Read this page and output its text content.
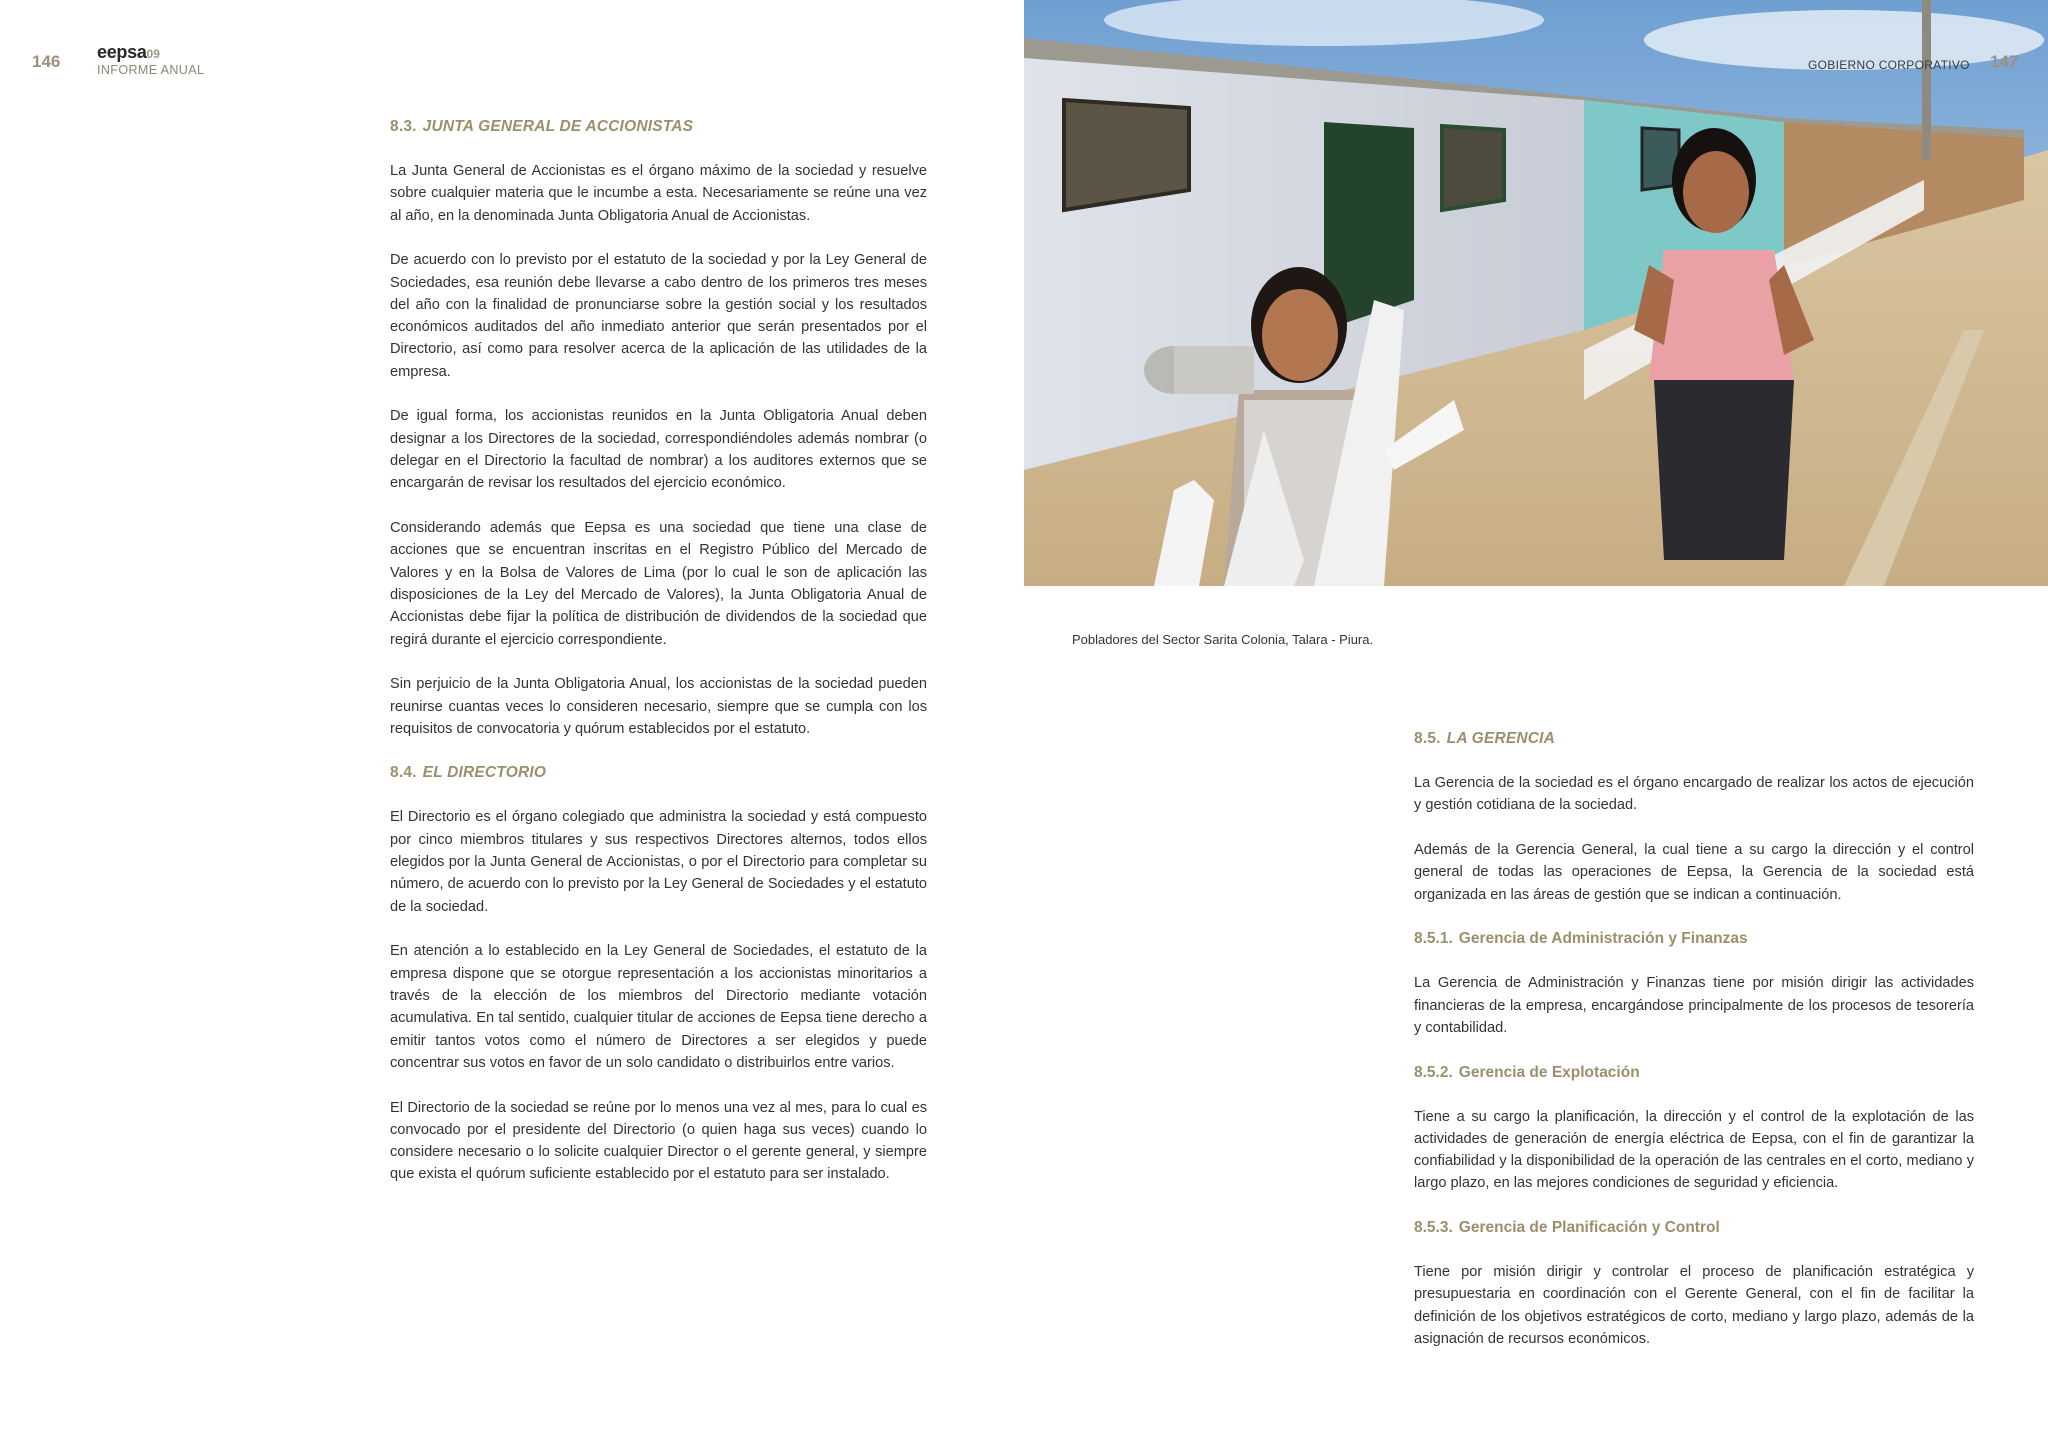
146 eepsa09
INFORME ANUAL
8.3. JUNTA GENERAL DE ACCIONISTAS

La Junta General de Accionistas es el órgano máximo de la sociedad y resuelve sobre cualquier materia que le incumbe a esta. Necesariamente se reúne una vez al año, en la denominada Junta Obligatoria Anual de Accionistas.

De acuerdo con lo previsto por el estatuto de la sociedad y por la Ley General de Sociedades, esa reunión debe llevarse a cabo dentro de los primeros tres meses del año con la finalidad de pronunciarse sobre la gestión social y los resultados económicos auditados del año inmediato anterior que serán presentados por el Directorio, así como para resolver acerca de la aplicación de las utilidades de la empresa.

De igual forma, los accionistas reunidos en la Junta Obligatoria Anual deben designar a los Directores de la sociedad, correspondiéndoles además nombrar (o delegar en el Directorio la facultad de nombrar) a los auditores externos que se encargarán de revisar los resultados del ejercicio económico.

Considerando además que Eepsa es una sociedad que tiene una clase de acciones que se encuentran inscritas en el Registro Público del Mercado de Valores y en la Bolsa de Valores de Lima (por lo cual le son de aplicación las disposiciones de la Ley del Mercado de Valores), la Junta Obligatoria Anual de Accionistas debe fijar la política de distribución de dividendos de la sociedad que regirá durante el ejercicio correspondiente.

Sin perjuicio de la Junta Obligatoria Anual, los accionistas de la sociedad pueden reunirse cuantas veces lo consideren necesario, siempre que se cumpla con los requisitos de convocatoria y quórum establecidos por el estatuto.

8.4. EL DIRECTORIO

El Directorio es el órgano colegiado que administra la sociedad y está compuesto por cinco miembros titulares y sus respectivos Directores alternos, todos ellos elegidos por la Junta General de Accionistas, o por el Directorio para completar su número, de acuerdo con lo previsto por la Ley General de Sociedades y el estatuto de la sociedad.

En atención a lo establecido en la Ley General de Sociedades, el estatuto de la empresa dispone que se otorgue representación a los accionistas minoritarios a través de la elección de los miembros del Directorio mediante votación acumulativa. En tal sentido, cualquier titular de acciones de Eepsa tiene derecho a emitir tantos votos como el número de Directores a ser elegidos y puede concentrar sus votos en favor de un solo candidato o distribuirlos entre varios.

El Directorio de la sociedad se reúne por lo menos una vez al mes, para lo cual es convocado por el presidente del Directorio (o quien haga sus veces) cuando lo considere necesario o lo solicite cualquier Director o el gerente general, y siempre que exista el quórum suficiente establecido por el estatuto para ser instalado.

GOBIERNO CORPORATIVO 147
Pobladores del Sector Sarita Colonia, Talara - Piura.
8.5. LA GERENCIA

La Gerencia de la sociedad es el órgano encargado de realizar los actos de ejecución y gestión cotidiana de la sociedad.

Además de la Gerencia General, la cual tiene a su cargo la dirección y el control general de todas las operaciones de Eepsa, la Gerencia de la sociedad está organizada en las áreas de gestión que se indican a continuación.

8.5.1. Gerencia de Administración y Finanzas

La Gerencia de Administración y Finanzas tiene por misión dirigir las actividades financieras de la empresa, encargándose principalmente de los procesos de tesorería y contabilidad.

8.5.2. Gerencia de Explotación

Tiene a su cargo la planificación, la dirección y el control de la explotación de las actividades de generación de energía eléctrica de Eepsa, con el fin de garantizar la confiabilidad y la disponibilidad de la operación de las centrales en el corto, mediano y largo plazo, en las mejores condiciones de seguridad y eficiencia.

8.5.3. Gerencia de Planificación y Control

Tiene por misión dirigir y controlar el proceso de planificación estratégica y presupuestaria en coordinación con el Gerente General, con el fin de facilitar la definición de los objetivos estratégicos de corto, mediano y largo plazo, además de la asignación de recursos económicos.
